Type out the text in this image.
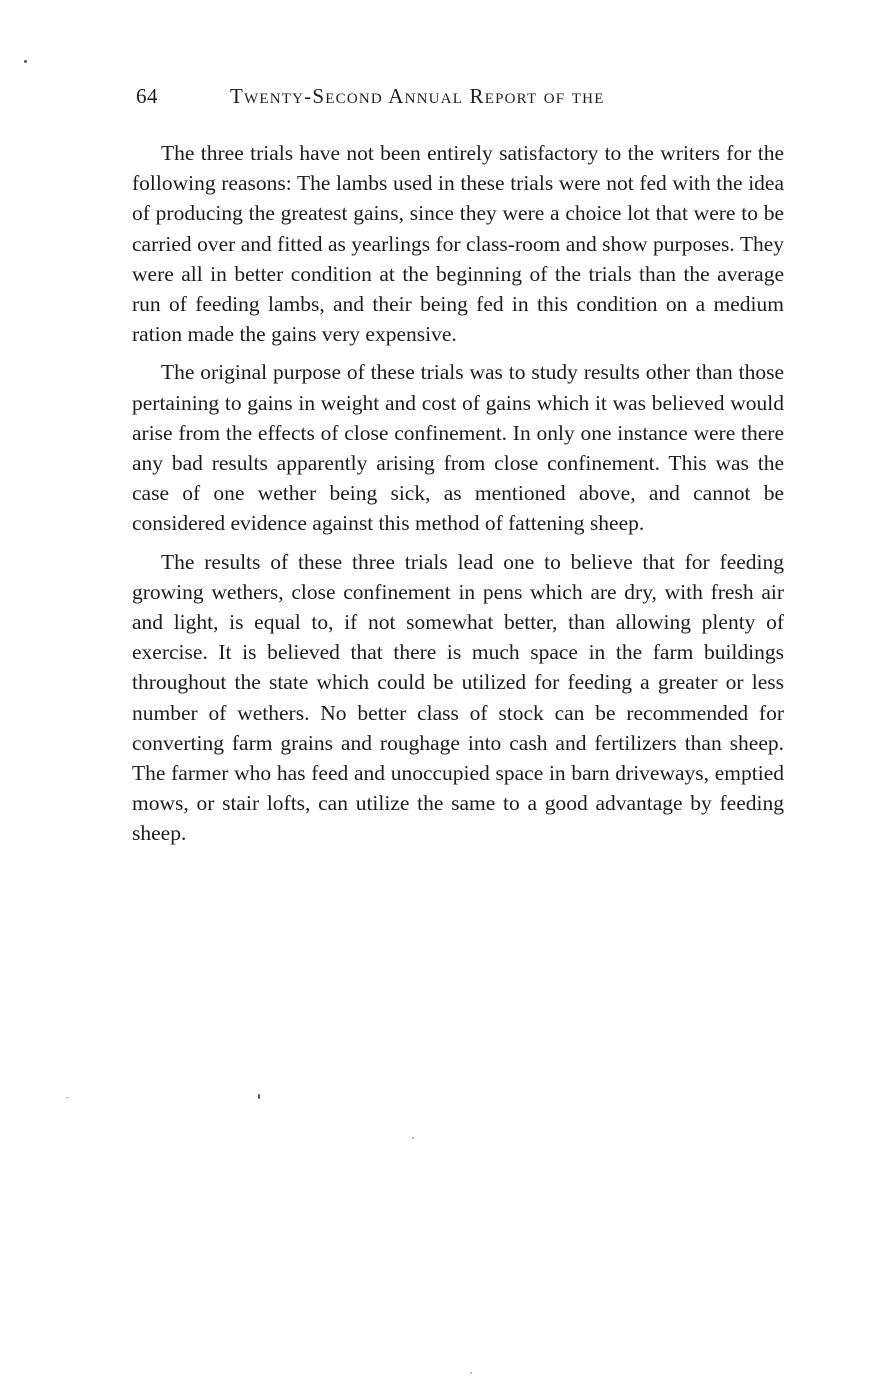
64	Twenty-Second Annual Report of the

The three trials have not been entirely satisfactory to the writers for the following reasons: The lambs used in these trials were not fed with the idea of producing the greatest gains, since they were a choice lot that were to be carried over and fitted as yearlings for class-room and show purposes. They were all in better condition at the beginning of the trials than the average run of feeding lambs, and their being fed in this condition on a medium ration made the gains very expensive.

The original purpose of these trials was to study results other than those pertaining to gains in weight and cost of gains which it was believed would arise from the effects of close confinement. In only one instance were there any bad results apparently arising from close confinement. This was the case of one wether being sick, as mentioned above, and cannot be considered evidence against this method of fattening sheep.

The results of these three trials lead one to believe that for feeding growing wethers, close confinement in pens which are dry, with fresh air and light, is equal to, if not somewhat better, than allowing plenty of exercise. It is believed that there is much space in the farm buildings throughout the state which could be utilized for feeding a greater or less number of wethers. No better class of stock can be recommended for converting farm grains and roughage into cash and fertilizers than sheep. The farmer who has feed and unoccupied space in barn driveways, emptied mows, or stair lofts, can utilize the same to a good advantage by feeding sheep.
